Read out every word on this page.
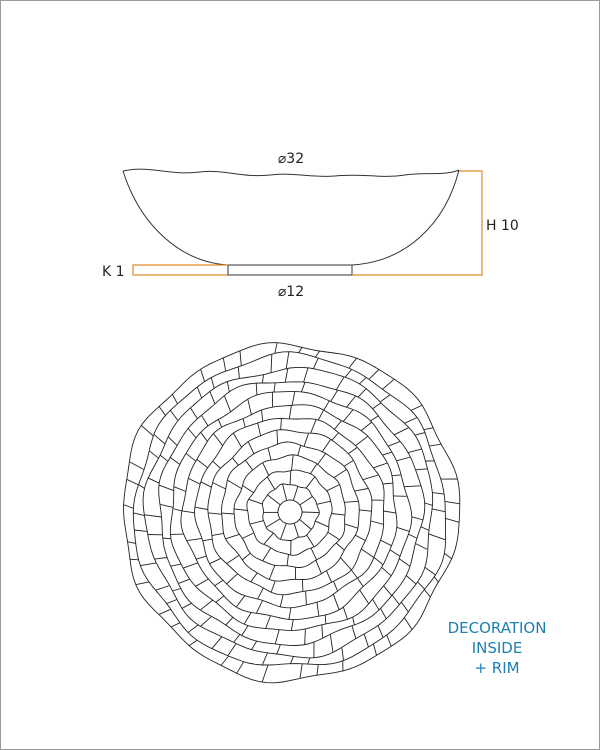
⌀32
⌀12
H 10
K 1
DECORATION
INSIDE
+ RIM
